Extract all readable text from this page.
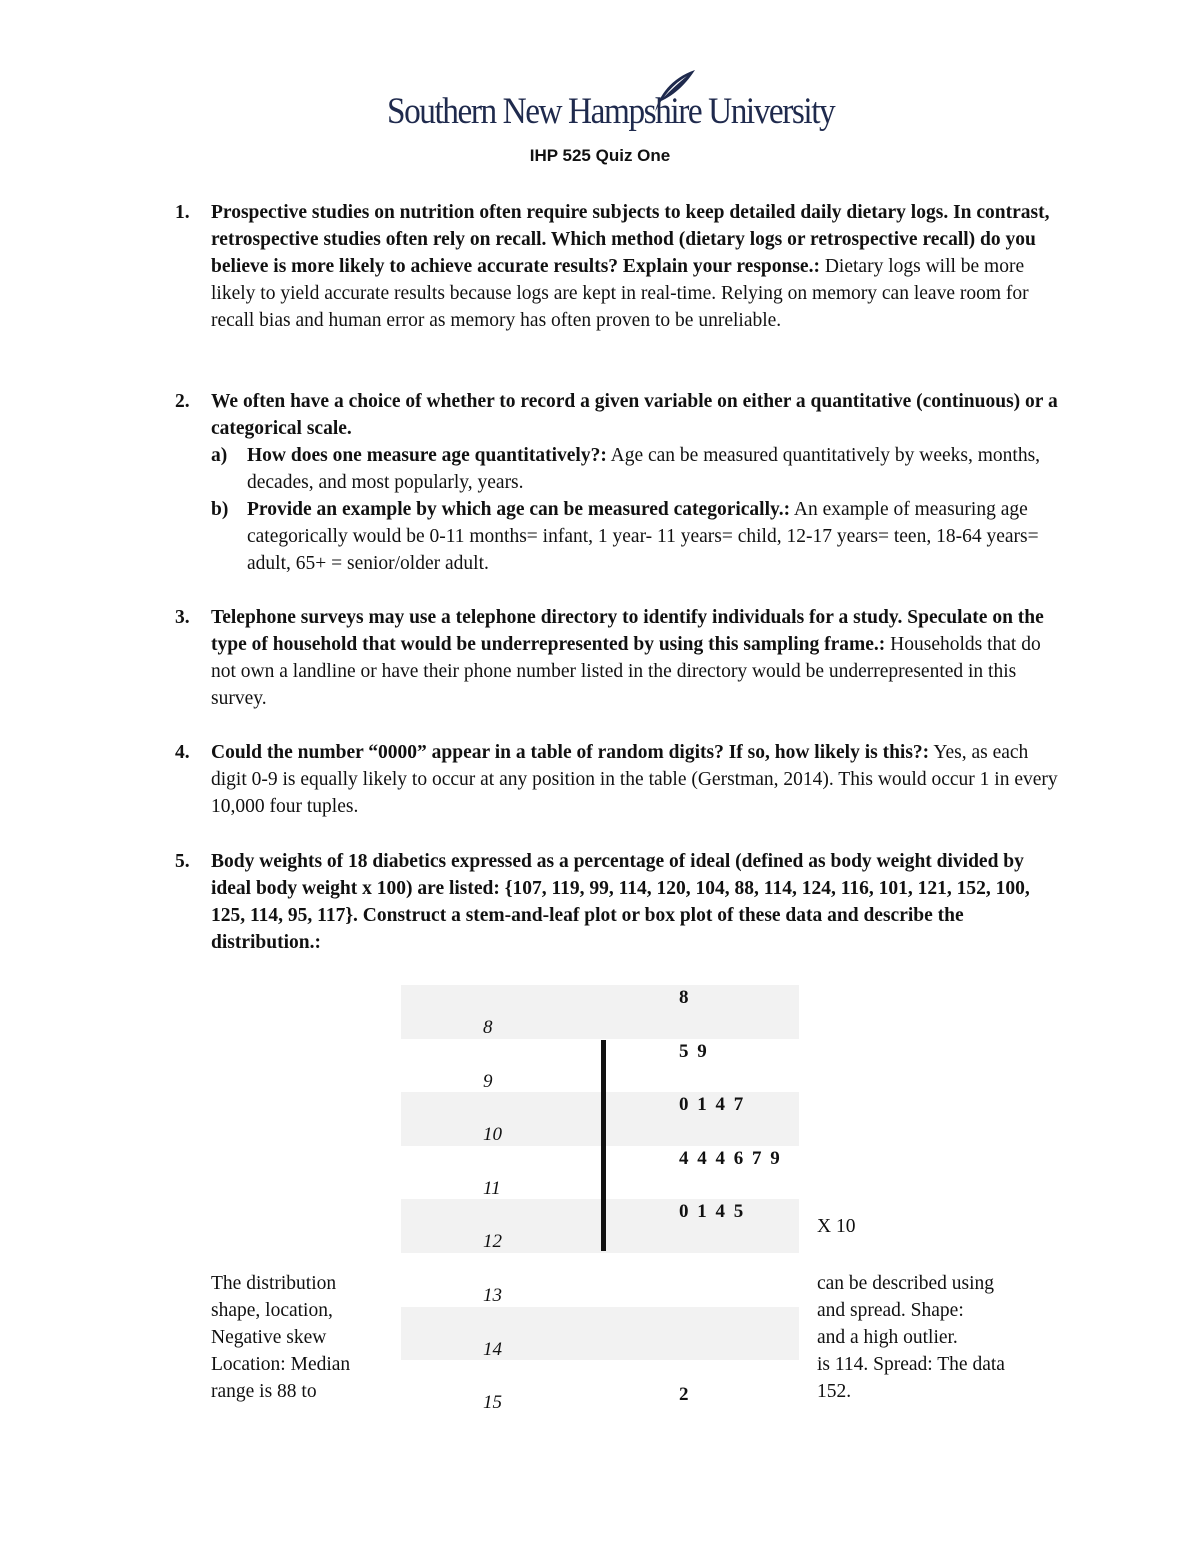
Southern New Hampshire University
IHP 525 Quiz One
1. Prospective studies on nutrition often require subjects to keep detailed daily dietary logs. In contrast, retrospective studies often rely on recall. Which method (dietary logs or retrospective recall) do you believe is more likely to achieve accurate results? Explain your response.: Dietary logs will be more likely to yield accurate results because logs are kept in real-time. Relying on memory can leave room for recall bias and human error as memory has often proven to be unreliable.
2. We often have a choice of whether to record a given variable on either a quantitative (continuous) or a categorical scale.
a) How does one measure age quantitatively?: Age can be measured quantitatively by weeks, months, decades, and most popularly, years.
b) Provide an example by which age can be measured categorically.: An example of measuring age categorically would be 0-11 months= infant, 1 year- 11 years= child, 12-17 years= teen, 18-64 years= adult, 65+ = senior/older adult.
3. Telephone surveys may use a telephone directory to identify individuals for a study. Speculate on the type of household that would be underrepresented by using this sampling frame.: Households that do not own a landline or have their phone number listed in the directory would be underrepresented in this survey.
4. Could the number “0000” appear in a table of random digits? If so, how likely is this?: Yes, as each digit 0-9 is equally likely to occur at any position in the table (Gerstman, 2014). This would occur 1 in every 10,000 four tuples.
5. Body weights of 18 diabetics expressed as a percentage of ideal (defined as body weight divided by ideal body weight x 100) are listed: {107, 119, 99, 114, 120, 104, 88, 114, 124, 116, 101, 121, 152, 100, 125, 114, 95, 117}. Construct a stem-and-leaf plot or box plot of these data and describe the distribution.:
8
8
9
5 9
10
0 1 4 7
11
4 4 4 6 7 9
12
0 1 4 5
13
14
15	2
X 10
The distribution
shape, location,
Negative skew
Location: Median
range is 88 to
can be described using
and spread. Shape:
and a high outlier.
is 114. Spread: The data
152.
